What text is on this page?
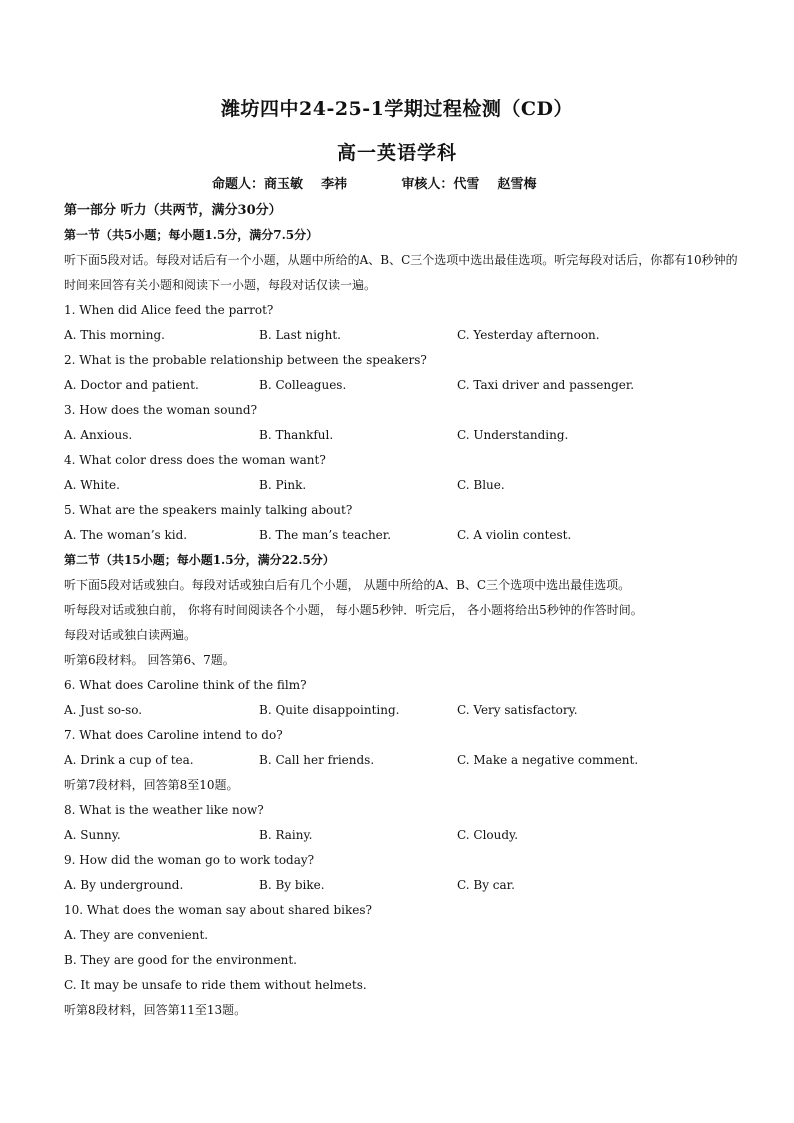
潍坊四中24-25-1学期过程检测（CD）
高一英语学科
命题人：商玉敏    李祎            审核人：代雪    赵雪梅
第一部分 听力（共两节，满分30分）
第一节（共5小题；每小题1.5分，满分7.5分）
听下面5段对话。每段对话后有一个小题，从题中所给的A、B、C三个选项中选出最佳选项。听完每段对话后，你都有10秒钟的时间来回答有关小题和阅读下一小题，每段对话仅读一遍。
1. When did Alice feed the parrot?
A. This morning.	B. Last night.	C. Yesterday afternoon.
2. What is the probable relationship between the speakers?
A. Doctor and patient.	B. Colleagues.	C. Taxi driver and passenger.
3. How does the woman sound?
A. Anxious.	B. Thankful.	C. Understanding.
4. What color dress does the woman want?
A. White.	B. Pink.	C. Blue.
5. What are the speakers mainly talking about?
A. The woman’s kid.	B. The man’s teacher.	C. A violin contest.
第二节（共15小题；每小题1.5分，满分22.5分）
听下面5段对话或独白。每段对话或独白后有几个小题， 从题中所给的A、B、C三个选项中选出最佳选项。
听每段对话或独白前， 你将有时间阅读各个小题， 每小题5秒钟．听完后， 各小题将给出5秒钟的作答时间。
每段对话或独白读两遍。
听第6段材料。 回答第6、7题。
6. What does Caroline think of the film?
A. Just so-so.	B. Quite disappointing.	C. Very satisfactory.
7. What does Caroline intend to do?
A. Drink a cup of tea.	B. Call her friends.	C. Make a negative comment.
听第7段材料，回答第8至10题。
8. What is the weather like now?
A. Sunny.	B. Rainy.	C. Cloudy.
9. How did the woman go to work today?
A. By underground.	B. By bike.	C. By car.
10. What does the woman say about shared bikes?
A. They are convenient.
B. They are good for the environment.
C. It may be unsafe to ride them without helmets.
听第8段材料，回答第11至13题。
